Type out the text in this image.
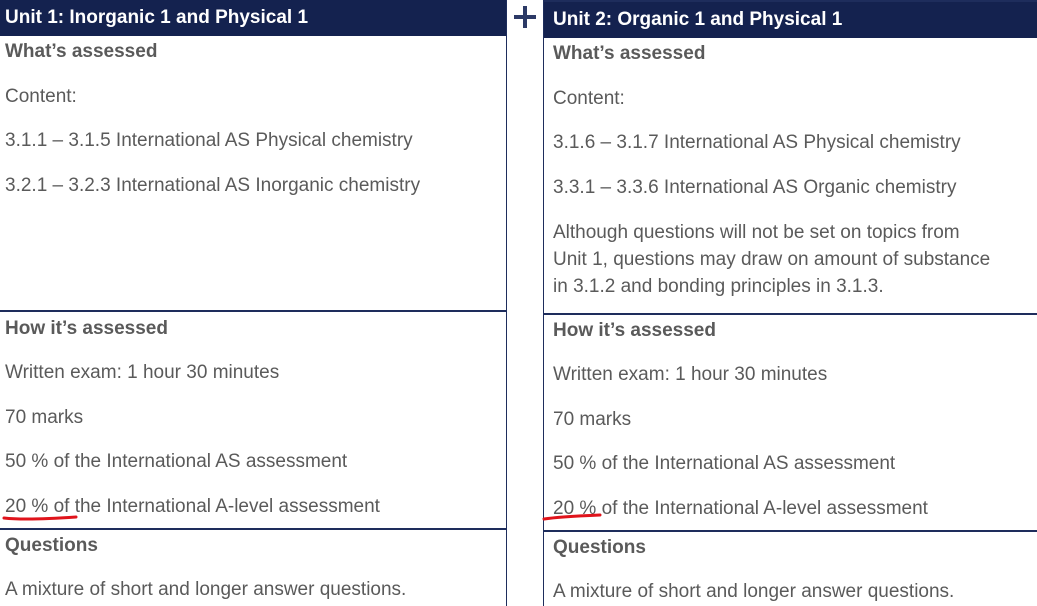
Unit 1: Inorganic 1 and Physical 1
What’s assessed
Content:
3.1.1 – 3.1.5 International AS Physical chemistry
3.2.1 – 3.2.3 International AS Inorganic chemistry
How it’s assessed
Written exam: 1 hour 30 minutes
70 marks
50 % of the International AS assessment
20 % of the International A-level assessment
Questions
A mixture of short and longer answer questions.
Unit 2: Organic 1 and Physical 1
What’s assessed
Content:
3.1.6 – 3.1.7 International AS Physical chemistry
3.3.1 – 3.3.6 International AS Organic chemistry
Although questions will not be set on topics from
Unit 1, questions may draw on amount of substance
in 3.1.2 and bonding principles in 3.1.3.
How it’s assessed
Written exam: 1 hour 30 minutes
70 marks
50 % of the International AS assessment
20 % of the International A-level assessment
Questions
A mixture of short and longer answer questions.
